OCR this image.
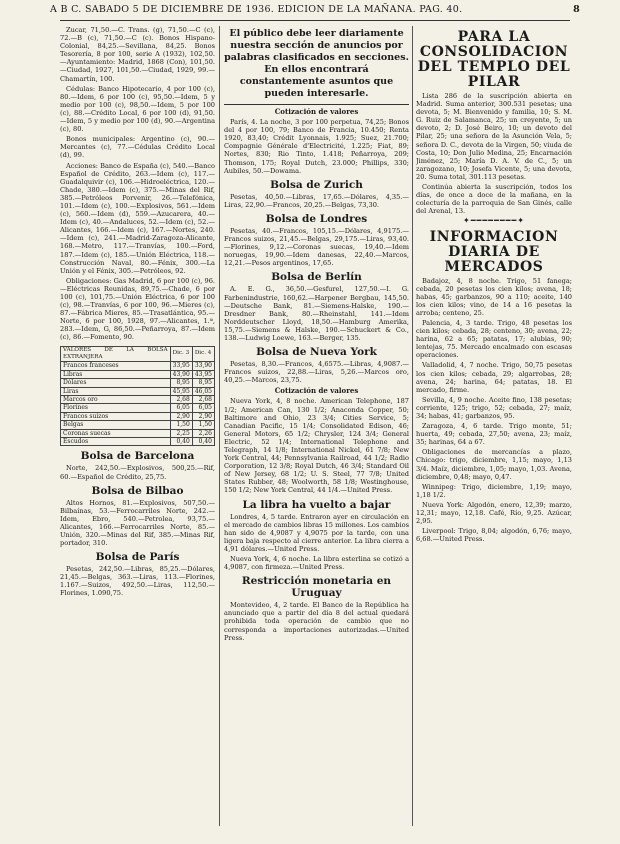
A B C. SABADO 5 DE DICIEMBRE DE 1936. EDICION DE LA MAÑANA. PAG. 40.	8

Zucar, 71,50.—C. Trans. (g), 71,50.—C (c), 72.—B (c), 71,50.—C (c). Bonos Hispano-Colonial, 84,25.—Sevillana, 84,25. Bonos Tesorería, 8 por 100, serie A (1932), 102,50.—Ayuntamiento: Madrid, 1868 (Con), 101,50.—Ciudad, 1927, 101,50.—Ciudad, 1929, 99.—Chamartín, 100.

Cédulas: Banco Hipotecario, 4 por 100 (c), 80.—Idem, 6 por 100 (c), 95,50.—Idem, 5 y medio por 100 (c), 98,50.—Idem, 5 por 100 (c), 88.—Crédito Local, 6 por 100 (d), 91,50.—Idem, 5 y medio por 100 (d), 90.—Argentina (c), 80.

Bonos municipales: Argentino (c), 90.—Mercantes (c), 77.—Cédulas Crédito Local (d), 99.

Acciones: Banco de España (c), 540.—Banco Español de Crédito, 263.—Idem (c), 117.—Guadalquivir (c), 106.—Hidroeléctrica, 120.—Chade, 380.—Idem (c), 375.—Minas del Rif, 385.—Petróleos Porvenir, 26.—Telefónica, 101.—Idem (c), 100.—Explosivos, 561.—Idem (c), 560.—Idem (d), 559.—Azucarera, 40.—Idem (c), 40.—Andaluces, 52.—Idem (c), 52.—Alicantes, 166.—Idem (c), 167.—Nortes, 240.—Idem (c), 241.—Madrid-Zaragoza-Alicante, 168.—Metro, 117.—Tranvías, 100.—Ford, 187.—Idem (c), 185.—Unión Eléctrica, 118.—Construcción Naval, 80.—Fénix, 300.—La Unión y el Fénix, 305.—Petróleos, 92.

Obligaciones: Gas Madrid, 6 por 100 (c), 96.—Eléctricas Reunidas, 89,75.—Chade, 6 por 100 (c), 101,75.—Unión Eléctrica, 6 por 100 (c), 98.—Tranvías, 6 por 100, 96.—Mieres (c), 87.—Fábrica Mieres, 85.—Trasatlántica, 95.—Norte, 6 por 100, 1928, 97.—Alicantes, 1.ª, 283.—Idem, G, 86,50.—Peñarroya, 87.—Idem (c), 86.—Fomento, 90.

VALORES DE LA BOLSA EXTRANJERA	Dic. 3	Dic. 4
Francos franceses	33,95	33,90
Libras	43,90	43,95
Dólares	8,95	8,95
Liras	45,95	46,05
Marcos oro	2,68	2,68
Florines	6,05	6,05
Francos suizos	2,90	2,90
Belgas	1,50	1,50
Coronas suecas	2,25	2,26
Escudos	0,40	0,40
Bolsa de Barcelona

Norte, 242,50.—Explosivos, 500,25.—Rif, 60.—Español de Crédito, 25,75.

Bolsa de Bilbao

Altos Hornos, 81.—Explosivos, 507,50.—Bilbaínas, 53.—Ferrocarriles Norte, 242.—Idem, Ebro, 540.—Petrolea, 93,75.—Alicantes, 166.—Ferrocarriles Norte, 85.—Unión, 320.—Minas del Rif, 385.—Minas Rif, portador, 310.

Bolsa de París

Pesetas, 242,50.—Libras, 85,25.—Dólares, 21,45.—Belgas, 363.—Liras, 113.—Florines, 1.167.—Suizos, 492,50.—Liras, 112,50.—Florines, 1.090,75.

El público debe leer diariamente nuestra sección de anuncios por palabras clasificados en secciones. En ellos encontrará constantemente asuntos que pueden interesarle.
Cotización de valores

París, 4. La noche, 3 por 100 perpetua, 74,25; Bonos del 4 por 100, 79; Banco de Francia, 10.450; Renta 1920, 83,40; Crédit Lyonnais, 1.925; Suez, 21.700; Compagnie Générale d'Electricité, 1.225; Fiat, 89; Nortes, 830; Rio Tinto, 1.418; Peñarroya, 209; Thomson, 175; Royal Dutch, 23.000; Phillips, 330; Aubiles, 50.—Dowama.

Bolsa de Zurich

Pesetas, 40,50.—Libras, 17,65.—Dólares, 4,35.—Liras, 22,90.—Francos, 20,25.—Belgas, 73,30.

Bolsa de Londres

Pesetas, 40.—Francos, 105,15.—Dólares, 4,9175.—Francos suizos, 21,45.—Belgas, 29,175.—Liras, 93,40.—Florines, 9,12.—Coronas suecas, 19,40.—Idem noruegas, 19,90.—Idem danesas, 22,40.—Marcos, 12,21.—Pesos argentinos, 17,65.

Bolsa de Berlín

A. E. G., 36,50.—Gesfurel, 127,50.—I. G. Farbenindustrie, 160,62.—Harpener Bergbau, 145,50.—Deutsche Bank, 81.—Siemens-Halske, 190.—Dresdner Bank, 80.—Rheinstahl, 141.—Idem Norddeutscher Lloyd, 18,50.—Hamburg Amerika, 15,75.—Siemens & Halske, 190.—Schuckert & Co., 138.—Ludwig Loewe, 163.—Berger, 135.

Bolsa de Nueva York

Pesetas, 8,30.—Francos, 4,6575.—Libras, 4,9087.—Francos suizos, 22,88.—Liras, 5,26.—Marcos oro, 40,25.—Marcos, 23,75.

Cotización de valores

Nueva York, 4, 8 noche. American Telephone, 187 1/2; American Can, 130 1/2; Anaconda Copper, 50; Baltimore and Ohio, 23 3/4; Cities Service, 5; Canadian Pacific, 15 1/4; Consolidated Edison, 46; General Motors, 65 1/2; Chrysler, 124 3/4; General Electric, 52 1/4; International Telephone and Telegraph, 14 1/8; International Nickel, 61 7/8; New York Central, 44; Pennsylvania Railroad, 44 1/2; Radio Corporation, 12 3/8; Royal Dutch, 46 3/4; Standard Oil of New Jersey, 68 1/2; U. S. Steel, 77 7/8; United States Rubber, 48; Woolworth, 58 1/8; Westinghouse, 150 1/2; New York Central, 44 1/4.—United Press.

La libra ha vuelto a bajar

Londres, 4, 5 tarde. Entraron ayer en circulación en el mercado de cambios libras 15 millones. Los cambios han sido de 4,9087 y 4,9075 por la tarde, con una ligera baja respecto al cierre anterior. La libra cierra a 4,91 dólares.—United Press.

Nueva York, 4, 6 noche. La libra esterlina se cotizó a 4,9087, con firmeza.—United Press.

Restricción monetaria en Uruguay

Montevideo, 4, 2 tarde. El Banco de la República ha anunciado que a partir del día 8 del actual quedará prohibida toda operación de cambio que no corresponda a importaciones autorizadas.—United Press.

PARA LA CONSOLIDACION DEL TEMPLO DEL PILAR

Lista 286 de la suscripción abierta en Madrid. Suma anterior, 300.531 pesetas; una devota, 5; M. Bienvenido y familia, 10; S. M. G. Ruiz de Salamanca, 25; un creyente, 5; un devoto, 2; D. José Beiro, 10; un devoto del Pilar, 25; una señora de la Asunción Vela, 5; señora D. C., devota de la Virgen, 50; viuda de Costa, 10; Don Julio Medina, 25; Encarnación Jiménez, 25; María D. A. V. de C., 5; un zaragozano, 10; Josefa Vicente, 5; una devota, 20. Suma total, 301.113 pesetas.

Continúa abierta la suscripción, todos los días, de once a doce de la mañana, en la colecturía de la parroquia de San Ginés, calle del Arenal, 13.

✦━━━━━━━━✦
INFORMACION DIARIA DE MERCADOS

Badajoz, 4, 8 noche. Trigo, 51 fanega; cebada, 20 pesetas los cien kilos; avena, 18; habas, 45; garbanzos, 90 a 110; aceite, 140 los cien kilos; vino, de 14 a 16 pesetas la arroba; centeno, 25.

Palencia, 4, 3 tarde. Trigo, 48 pesetas los cien kilos; cebada, 28; centeno, 30; avena, 22; harina, 62 a 65; patatas, 17; alubias, 90; lentejas, 75. Mercado encalmado con escasas operaciones.

Valladolid, 4, 7 noche. Trigo, 50,75 pesetas los cien kilos; cebada, 29; algarrobas, 28; avena, 24; harina, 64; patatas, 18. El mercado, firme.

Sevilla, 4, 9 noche. Aceite fino, 138 pesetas; corriente, 125; trigo, 52; cebada, 27; maíz, 34; habas, 41; garbanzos, 95.

Zaragoza, 4, 6 tarde. Trigo monte, 51; huerta, 49; cebada, 27,50; avena, 23; maíz, 35; harinas, 64 a 67.

Obligaciones de mercancías a plazo, Chicago: trigo, diciembre, 1,15; mayo, 1,13 3/4. Maíz, diciembre, 1,05; mayo, 1,03. Avena, diciembre, 0,48; mayo, 0,47.

Winnipeg: Trigo, diciembre, 1,19; mayo, 1,18 1/2.

Nueva York: Algodón, enero, 12,39; marzo, 12,31; mayo, 12,18. Café, Río, 9,25. Azúcar, 2,95.

Liverpool: Trigo, 8,04; algodón, 6,76; mayo, 6,68.—United Press.
